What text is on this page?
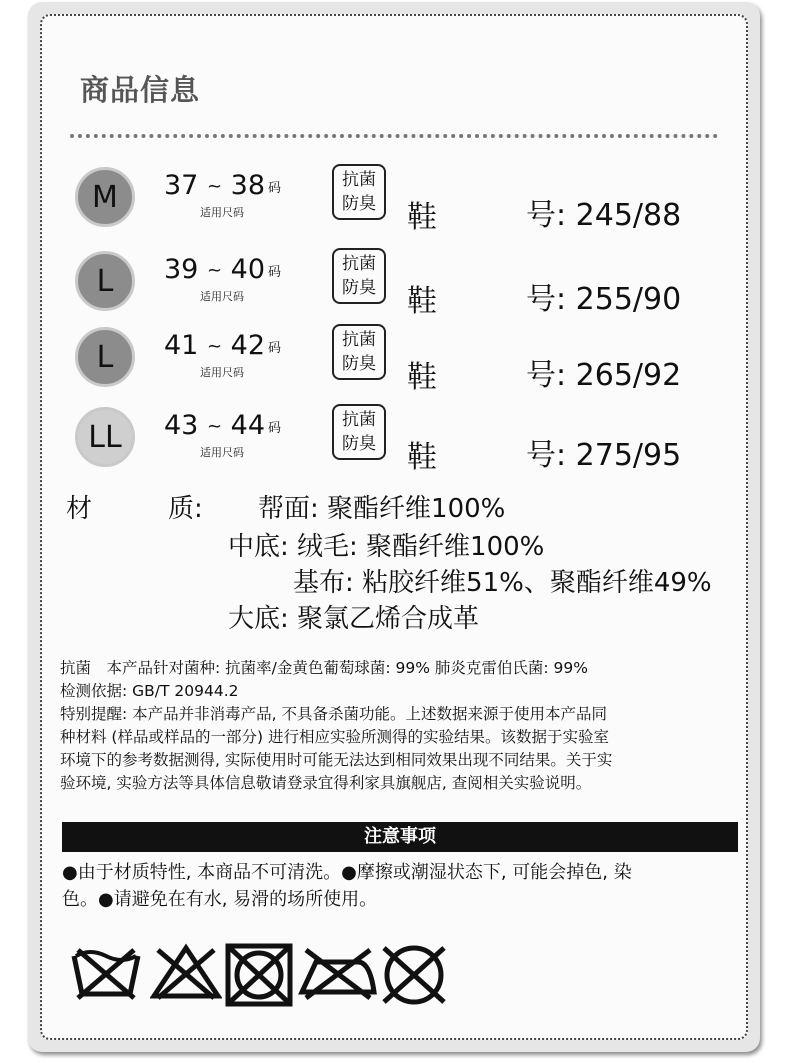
商品信息
M	37 ~ 38 码
适用尺码
抗菌
防臭 鞋	号: 245/88
L	39 ~ 40 码
适用尺码
抗菌
防臭 鞋	号: 255/90
L	41 ~ 42 码
适用尺码
抗菌
防臭 鞋	号: 265/92
LL	43 ~ 44 码
适用尺码
抗菌
防臭 鞋	号: 275/95
材	质: 帮面: 聚酯纤维100%
中底: 绒毛: 聚酯纤维100%
基布: 粘胶纤维51%、聚酯纤维49%
大底: 聚氯乙烯合成革
抗菌　本产品针对菌种: 抗菌率/金黄色葡萄球菌: 99% 肺炎克雷伯氏菌: 99%
检测依据: GB/T 20944.2
特别提醒: 本产品并非消毒产品, 不具备杀菌功能。上述数据来源于使用本产品同
种材料 (样品或样品的一部分) 进行相应实验所测得的实验结果。该数据于实验室
环境下的参考数据测得, 实际使用时可能无法达到相同效果出现不同结果。关于实
验环境, 实验方法等具体信息敬请登录宜得利家具旗舰店, 查阅相关实验说明。
注意事项
●由于材质特性, 本商品不可清洗。●摩擦或潮湿状态下, 可能会掉色, 染
色。●请避免在有水, 易滑的场所使用。
